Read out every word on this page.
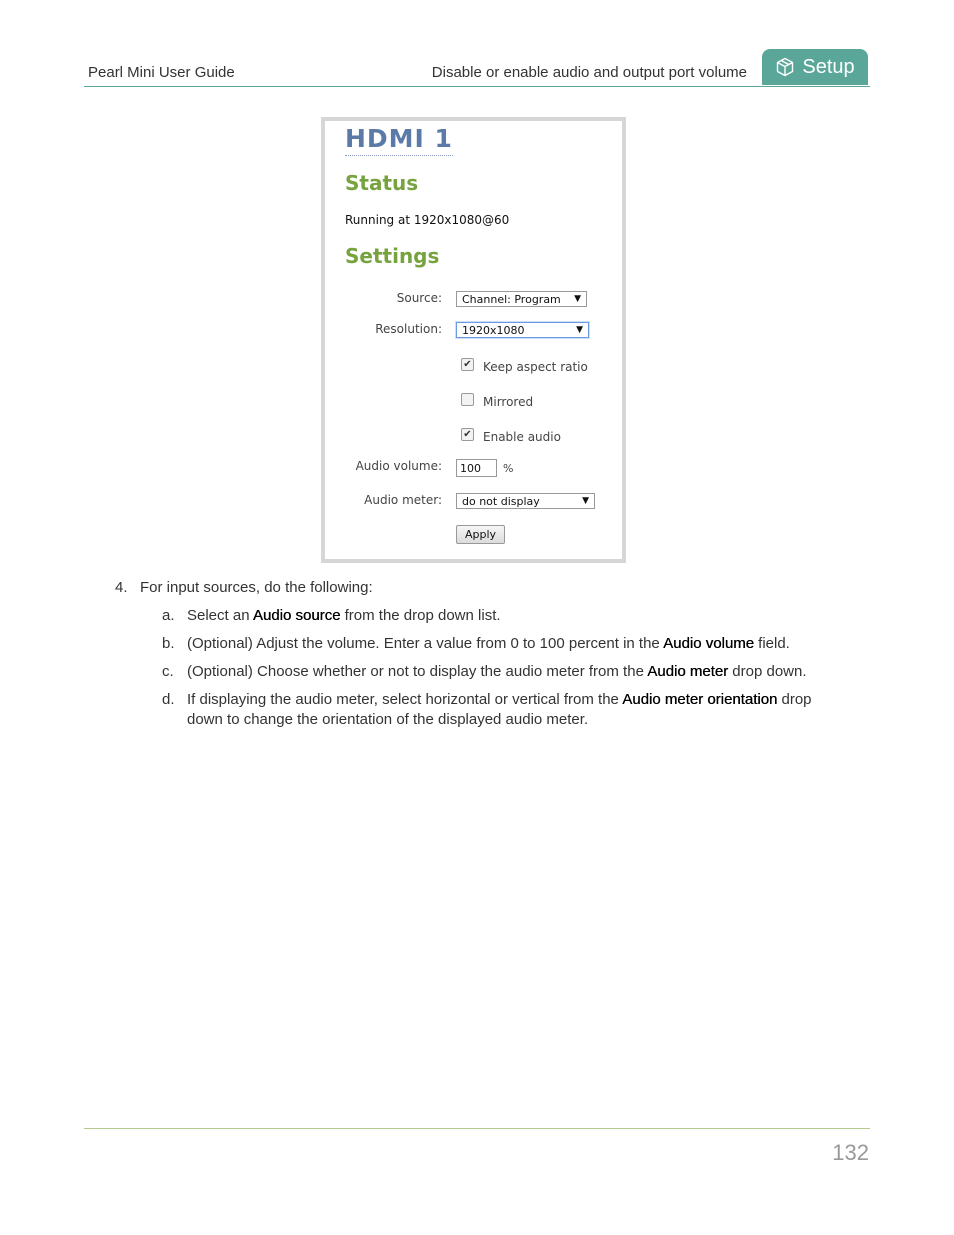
Pearl Mini User Guide	Disable or enable audio and output port volume	Setup
HDMI 1
Status
Running at 1920x1080@60
Settings
Source:	Channel: Program ▼
Resolution:	1920x1080	▼
✔ Keep aspect ratio
Mirrored
✔ Enable audio
Audio volume:	100	%
Audio meter:	do not display	▼
Apply
4. For input sources, do the following:
a. Select an Audio source from the drop down list.
b. (Optional) Adjust the volume. Enter a value from 0 to 100 percent in the Audio volume field.
c. (Optional) Choose whether or not to display the audio meter from the Audio meter drop down.
d. If displaying the audio meter, select horizontal or vertical from the Audio meter orientation drop down to change the orientation of the displayed audio meter.
132
